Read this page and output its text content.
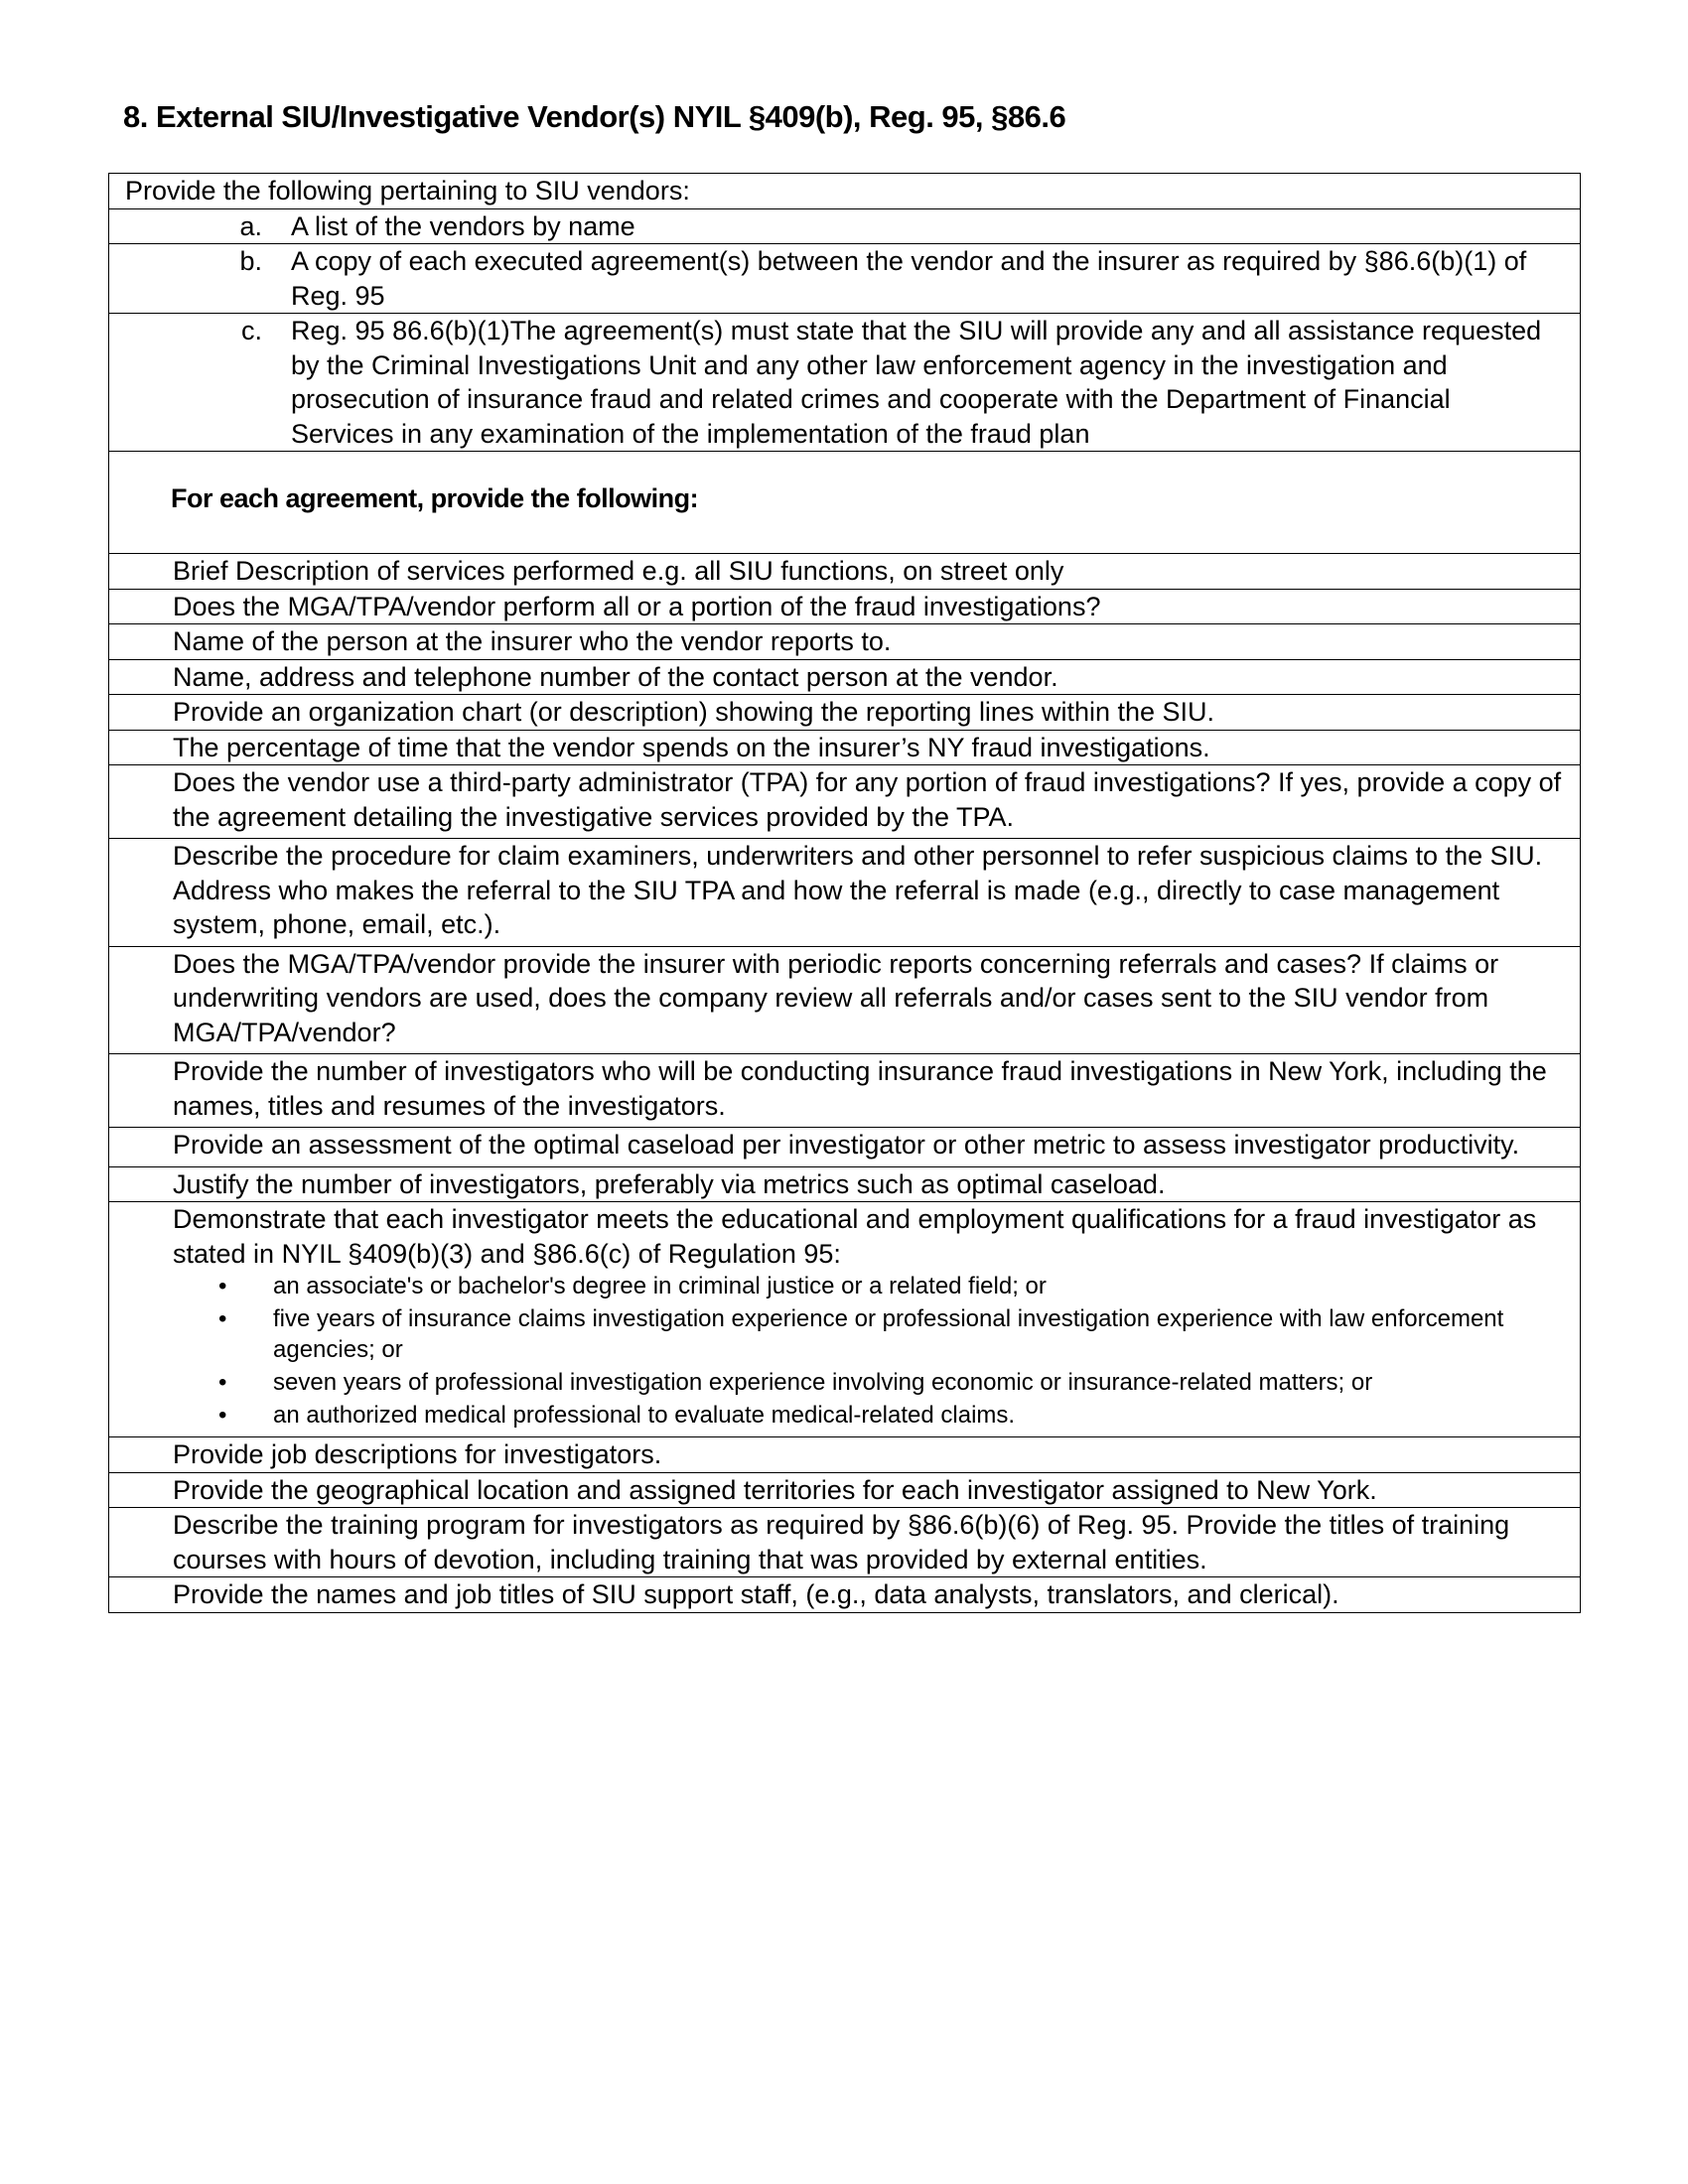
8. External SIU/Investigative Vendor(s) NYIL §409(b), Reg. 95, §86.6
Provide the following pertaining to SIU vendors:

a.	A list of the vendors by name

b.	A copy of each executed agreement(s) between the vendor and the insurer as required by §86.6(b)(1) of Reg. 95

c.	Reg. 95 86.6(b)(1)The agreement(s) must state that the SIU will provide any and all assistance requested by the Criminal Investigations Unit and any other law enforcement agency in the investigation and prosecution of insurance fraud and related crimes and cooperate with the Department of Financial Services in any examination of the implementation of the fraud plan

For each agreement, provide the following:

Brief Description of services performed e.g. all SIU functions, on street only
Does the MGA/TPA/vendor perform all or a portion of the fraud investigations?
Name of the person at the insurer who the vendor reports to.
Name, address and telephone number of the contact person at the vendor.
Provide an organization chart (or description) showing the reporting lines within the SIU.
The percentage of time that the vendor spends on the insurer’s NY fraud investigations.
Does the vendor use a third-party administrator (TPA) for any portion of fraud investigations? If yes, provide a copy of the agreement detailing the investigative services provided by the TPA.
Describe the procedure for claim examiners, underwriters and other personnel to refer suspicious claims to the SIU. Address who makes the referral to the SIU TPA and how the referral is made (e.g., directly to case management system, phone, email, etc.).
Does the MGA/TPA/vendor provide the insurer with periodic reports concerning referrals and cases? If claims or underwriting vendors are used, does the company review all referrals and/or cases sent to the SIU vendor from MGA/TPA/vendor?
Provide the number of investigators who will be conducting insurance fraud investigations in New York, including the names, titles and resumes of the investigators.
Provide an assessment of the optimal caseload per investigator or other metric to assess investigator productivity.
Justify the number of investigators, preferably via metrics such as optimal caseload.

Demonstrate that each investigator meets the educational and employment qualifications for a fraud investigator as stated in NYIL §409(b)(3) and §86.6(c) of Regulation 95:
• an associate's or bachelor's degree in criminal justice or a related field; or
• five years of insurance claims investigation experience or professional investigation experience with law enforcement agencies; or
• seven years of professional investigation experience involving economic or insurance-related matters; or
• an authorized medical professional to evaluate medical-related claims.

Provide job descriptions for investigators.
Provide the geographical location and assigned territories for each investigator assigned to New York.
Describe the training program for investigators as required by §86.6(b)(6) of Reg. 95. Provide the titles of training courses with hours of devotion, including training that was provided by external entities.
Provide the names and job titles of SIU support staff, (e.g., data analysts, translators, and clerical).
